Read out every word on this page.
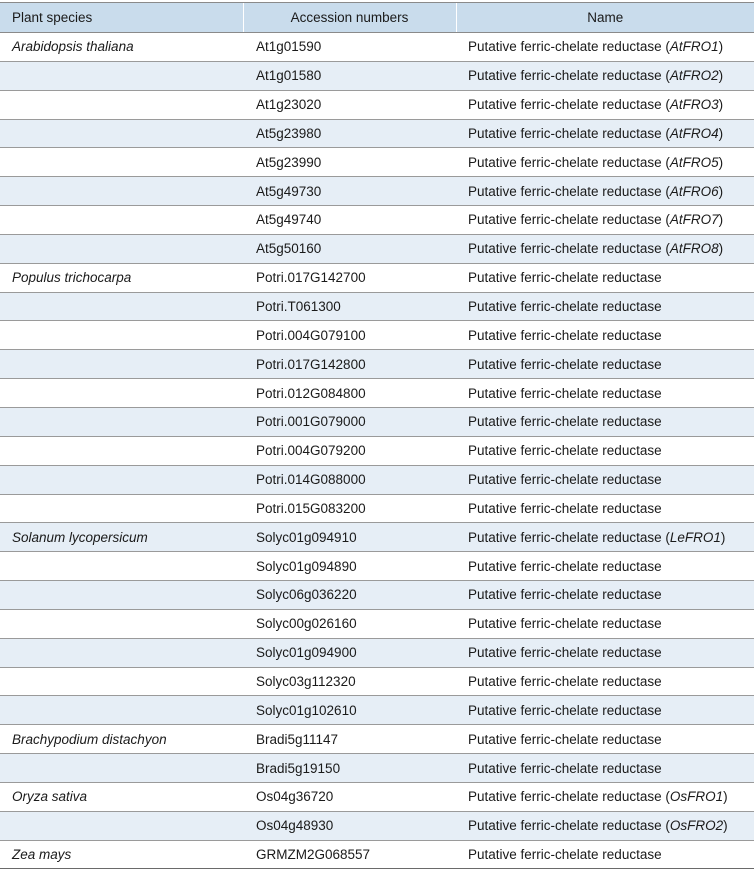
Plant species	Accession numbers	Name
Arabidopsis thaliana	At1g01590	Putative ferric-chelate reductase (AtFRO1)
	At1g01580	Putative ferric-chelate reductase (AtFRO2)
	At1g23020	Putative ferric-chelate reductase (AtFRO3)
	At5g23980	Putative ferric-chelate reductase (AtFRO4)
	At5g23990	Putative ferric-chelate reductase (AtFRO5)
	At5g49730	Putative ferric-chelate reductase (AtFRO6)
	At5g49740	Putative ferric-chelate reductase (AtFRO7)
	At5g50160	Putative ferric-chelate reductase (AtFRO8)
Populus trichocarpa	Potri.017G142700	Putative ferric-chelate reductase
	Potri.T061300	Putative ferric-chelate reductase
	Potri.004G079100	Putative ferric-chelate reductase
	Potri.017G142800	Putative ferric-chelate reductase
	Potri.012G084800	Putative ferric-chelate reductase
	Potri.001G079000	Putative ferric-chelate reductase
	Potri.004G079200	Putative ferric-chelate reductase
	Potri.014G088000	Putative ferric-chelate reductase
	Potri.015G083200	Putative ferric-chelate reductase
Solanum lycopersicum	Solyc01g094910	Putative ferric-chelate reductase (LeFRO1)
	Solyc01g094890	Putative ferric-chelate reductase
	Solyc06g036220	Putative ferric-chelate reductase
	Solyc00g026160	Putative ferric-chelate reductase
	Solyc01g094900	Putative ferric-chelate reductase
	Solyc03g112320	Putative ferric-chelate reductase
	Solyc01g102610	Putative ferric-chelate reductase
Brachypodium distachyon	Bradi5g11147	Putative ferric-chelate reductase
	Bradi5g19150	Putative ferric-chelate reductase
Oryza sativa	Os04g36720	Putative ferric-chelate reductase (OsFRO1)
	Os04g48930	Putative ferric-chelate reductase (OsFRO2)
Zea mays	GRMZM2G068557	Putative ferric-chelate reductase
